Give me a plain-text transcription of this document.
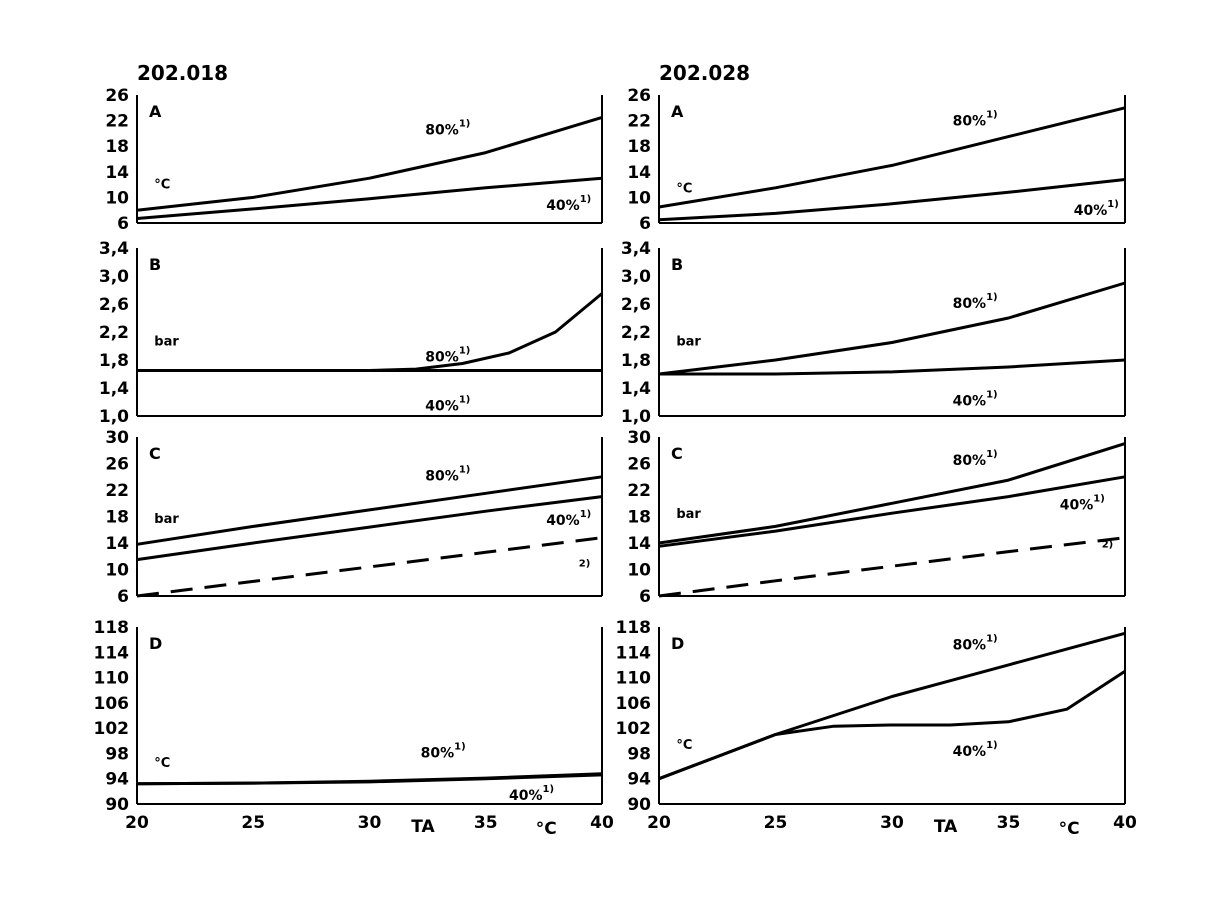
26
22
18
14
10
6
A
°C
80%$^{1)}$
40%$^{1)}$
202.018
3,4
3,0
2,6
2,2
1,8
1,4
1,0
B
bar
80%$^{1)}$
40%$^{1)}$
30
26
22
18
14
10
6
C
bar
80%$^{1)}$
40%$^{1)}$
2)
118
114
110
106
102
98
94
90
D
°C
80%$^{1)}$
40%$^{1)}$
20	25	30	35	40
TA	°C
26
22
18
14
10
6
A
°C
80%$^{1)}$
40%$^{1)}$
202.028
3,4
3,0
2,6
2,2
1,8
1,4
1,0
B
bar
80%$^{1)}$
40%$^{1)}$
30
26
22
18
14
10
6
C
bar
80%$^{1)}$
40%$^{1)}$
2)
118
114
110
106
102
98
94
90
D
°C
80%$^{1)}$
40%$^{1)}$
20	25	30	35	40
TA	°C
